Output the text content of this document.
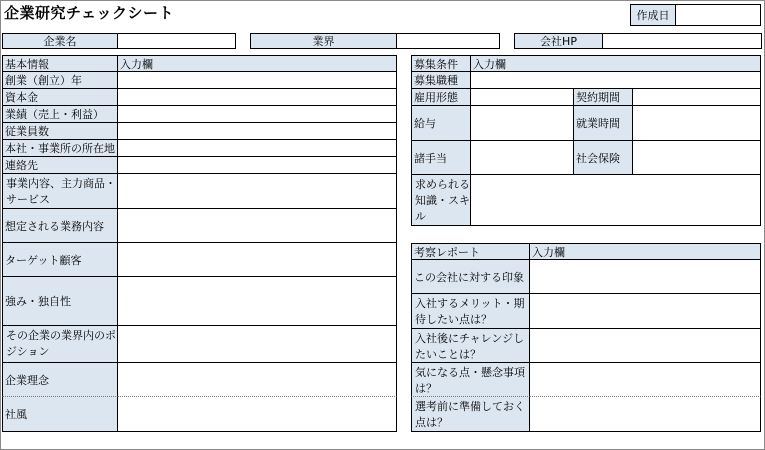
企業研究チェックシート	作成日
企業名	業界	会社HP
基本情報	入力欄
創業（創立）年
資本金
業績（売上・利益）
従業員数
本社・事業所の所在地
連絡先
事業内容、主力商品・
サービス
想定される業務内容
ターゲット顧客
強み・独自性
その企業の業界内のポ
ジション
企業理念
社風
募集条件	入力欄
募集職種
雇用形態	契約期間
給与	就業時間
諸手当	社会保険
求められる
知識・スキ
ル
考察レポート	入力欄
この会社に対する印象
入社するメリット・期
待したい点は？
入社後にチャレンジし
たいことは？
気になる点・懸念事項
は？
選考前に準備しておく
点は？
